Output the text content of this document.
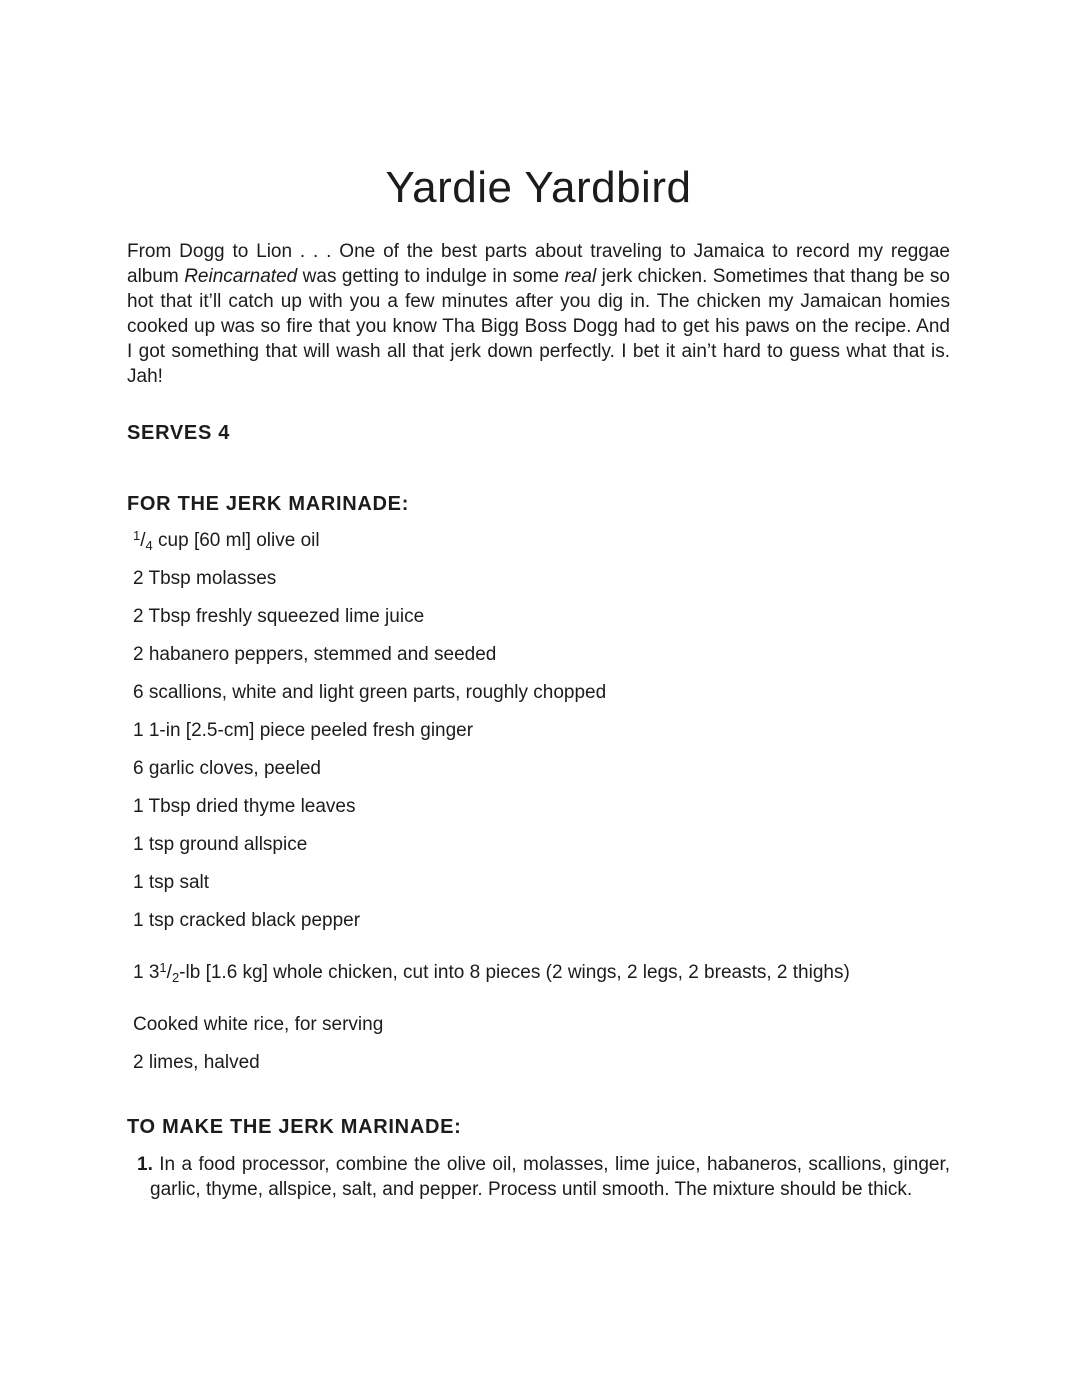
Yardie Yardbird

From Dogg to Lion . . . One of the best parts about traveling to Jamaica to record my reggae album Reincarnated was getting to indulge in some real jerk chicken. Sometimes that thang be so hot that it’ll catch up with you a few minutes after you dig in. The chicken my Jamaican homies cooked up was so fire that you know Tha Bigg Boss Dogg had to get his paws on the recipe. And I got something that will wash all that jerk down perfectly. I bet it ain’t hard to guess what that is. Jah!

SERVES 4
FOR THE JERK MARINADE:
$^1/_4$ cup [60 ml] olive oil
2 Tbsp molasses
2 Tbsp freshly squeezed lime juice
2 habanero peppers, stemmed and seeded
6 scallions, white and light green parts, roughly chopped
1 1-in [2.5-cm] piece peeled fresh ginger
6 garlic cloves, peeled
1 Tbsp dried thyme leaves
1 tsp ground allspice
1 tsp salt
1 tsp cracked black pepper
1 $3^1/_2-lb$ [1.6 kg] whole chicken, cut into 8 pieces (2 wings, 2 legs, 2 breasts, 2 thighs)
Cooked white rice, for serving
2 limes, halved
TO MAKE THE JERK MARINADE:
1. In a food processor, combine the olive oil, molasses, lime juice, habaneros, scallions, ginger, garlic, thyme, allspice, salt, and pepper. Process until smooth. The mixture should be thick.
